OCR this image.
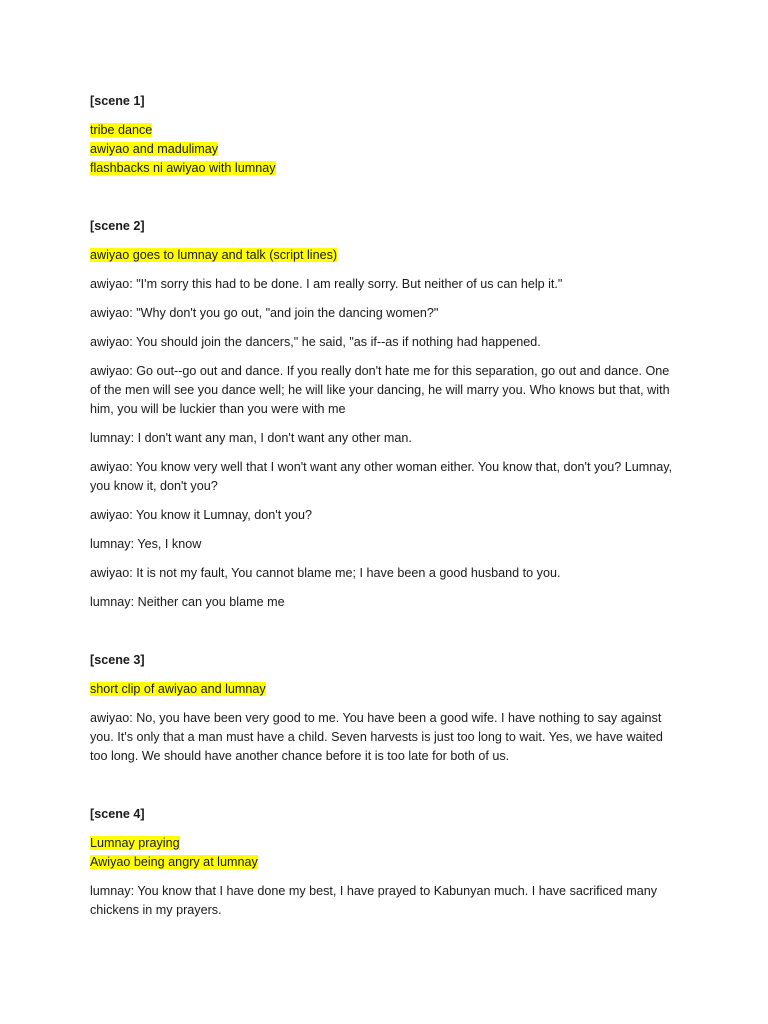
[scene 1]
tribe dance
awiyao and madulimay
flashbacks ni awiyao with lumnay
[scene 2]
awiyao goes to lumnay and talk (script lines)

awiyao: "I'm sorry this had to be done. I am really sorry. But neither of us can help it."

awiyao: "Why don't you go out, "and join the dancing women?"

awiyao: You should join the dancers," he said, "as if--as if nothing had happened.

awiyao: Go out--go out and dance. If you really don't hate me for this separation, go out and dance. One of the men will see you dance well; he will like your dancing, he will marry you. Who knows but that, with him, you will be luckier than you were with me

lumnay: I don't want any man, I don't want any other man.

awiyao: You know very well that I won't want any other woman either. You know that, don't you? Lumnay, you know it, don't you?

awiyao: You know it Lumnay, don't you?

lumnay: Yes, I know

awiyao: It is not my fault, You cannot blame me; I have been a good husband to you.

lumnay: Neither can you blame me

[scene 3]
short clip of awiyao and lumnay

awiyao: No, you have been very good to me. You have been a good wife. I have nothing to say against you. It's only that a man must have a child. Seven harvests is just too long to wait. Yes, we have waited too long. We should have another chance before it is too late for both of us.

[scene 4]
Lumnay praying
Awiyao being angry at lumnay

lumnay: You know that I have done my best, I have prayed to Kabunyan much. I have sacrificed many chickens in my prayers.
